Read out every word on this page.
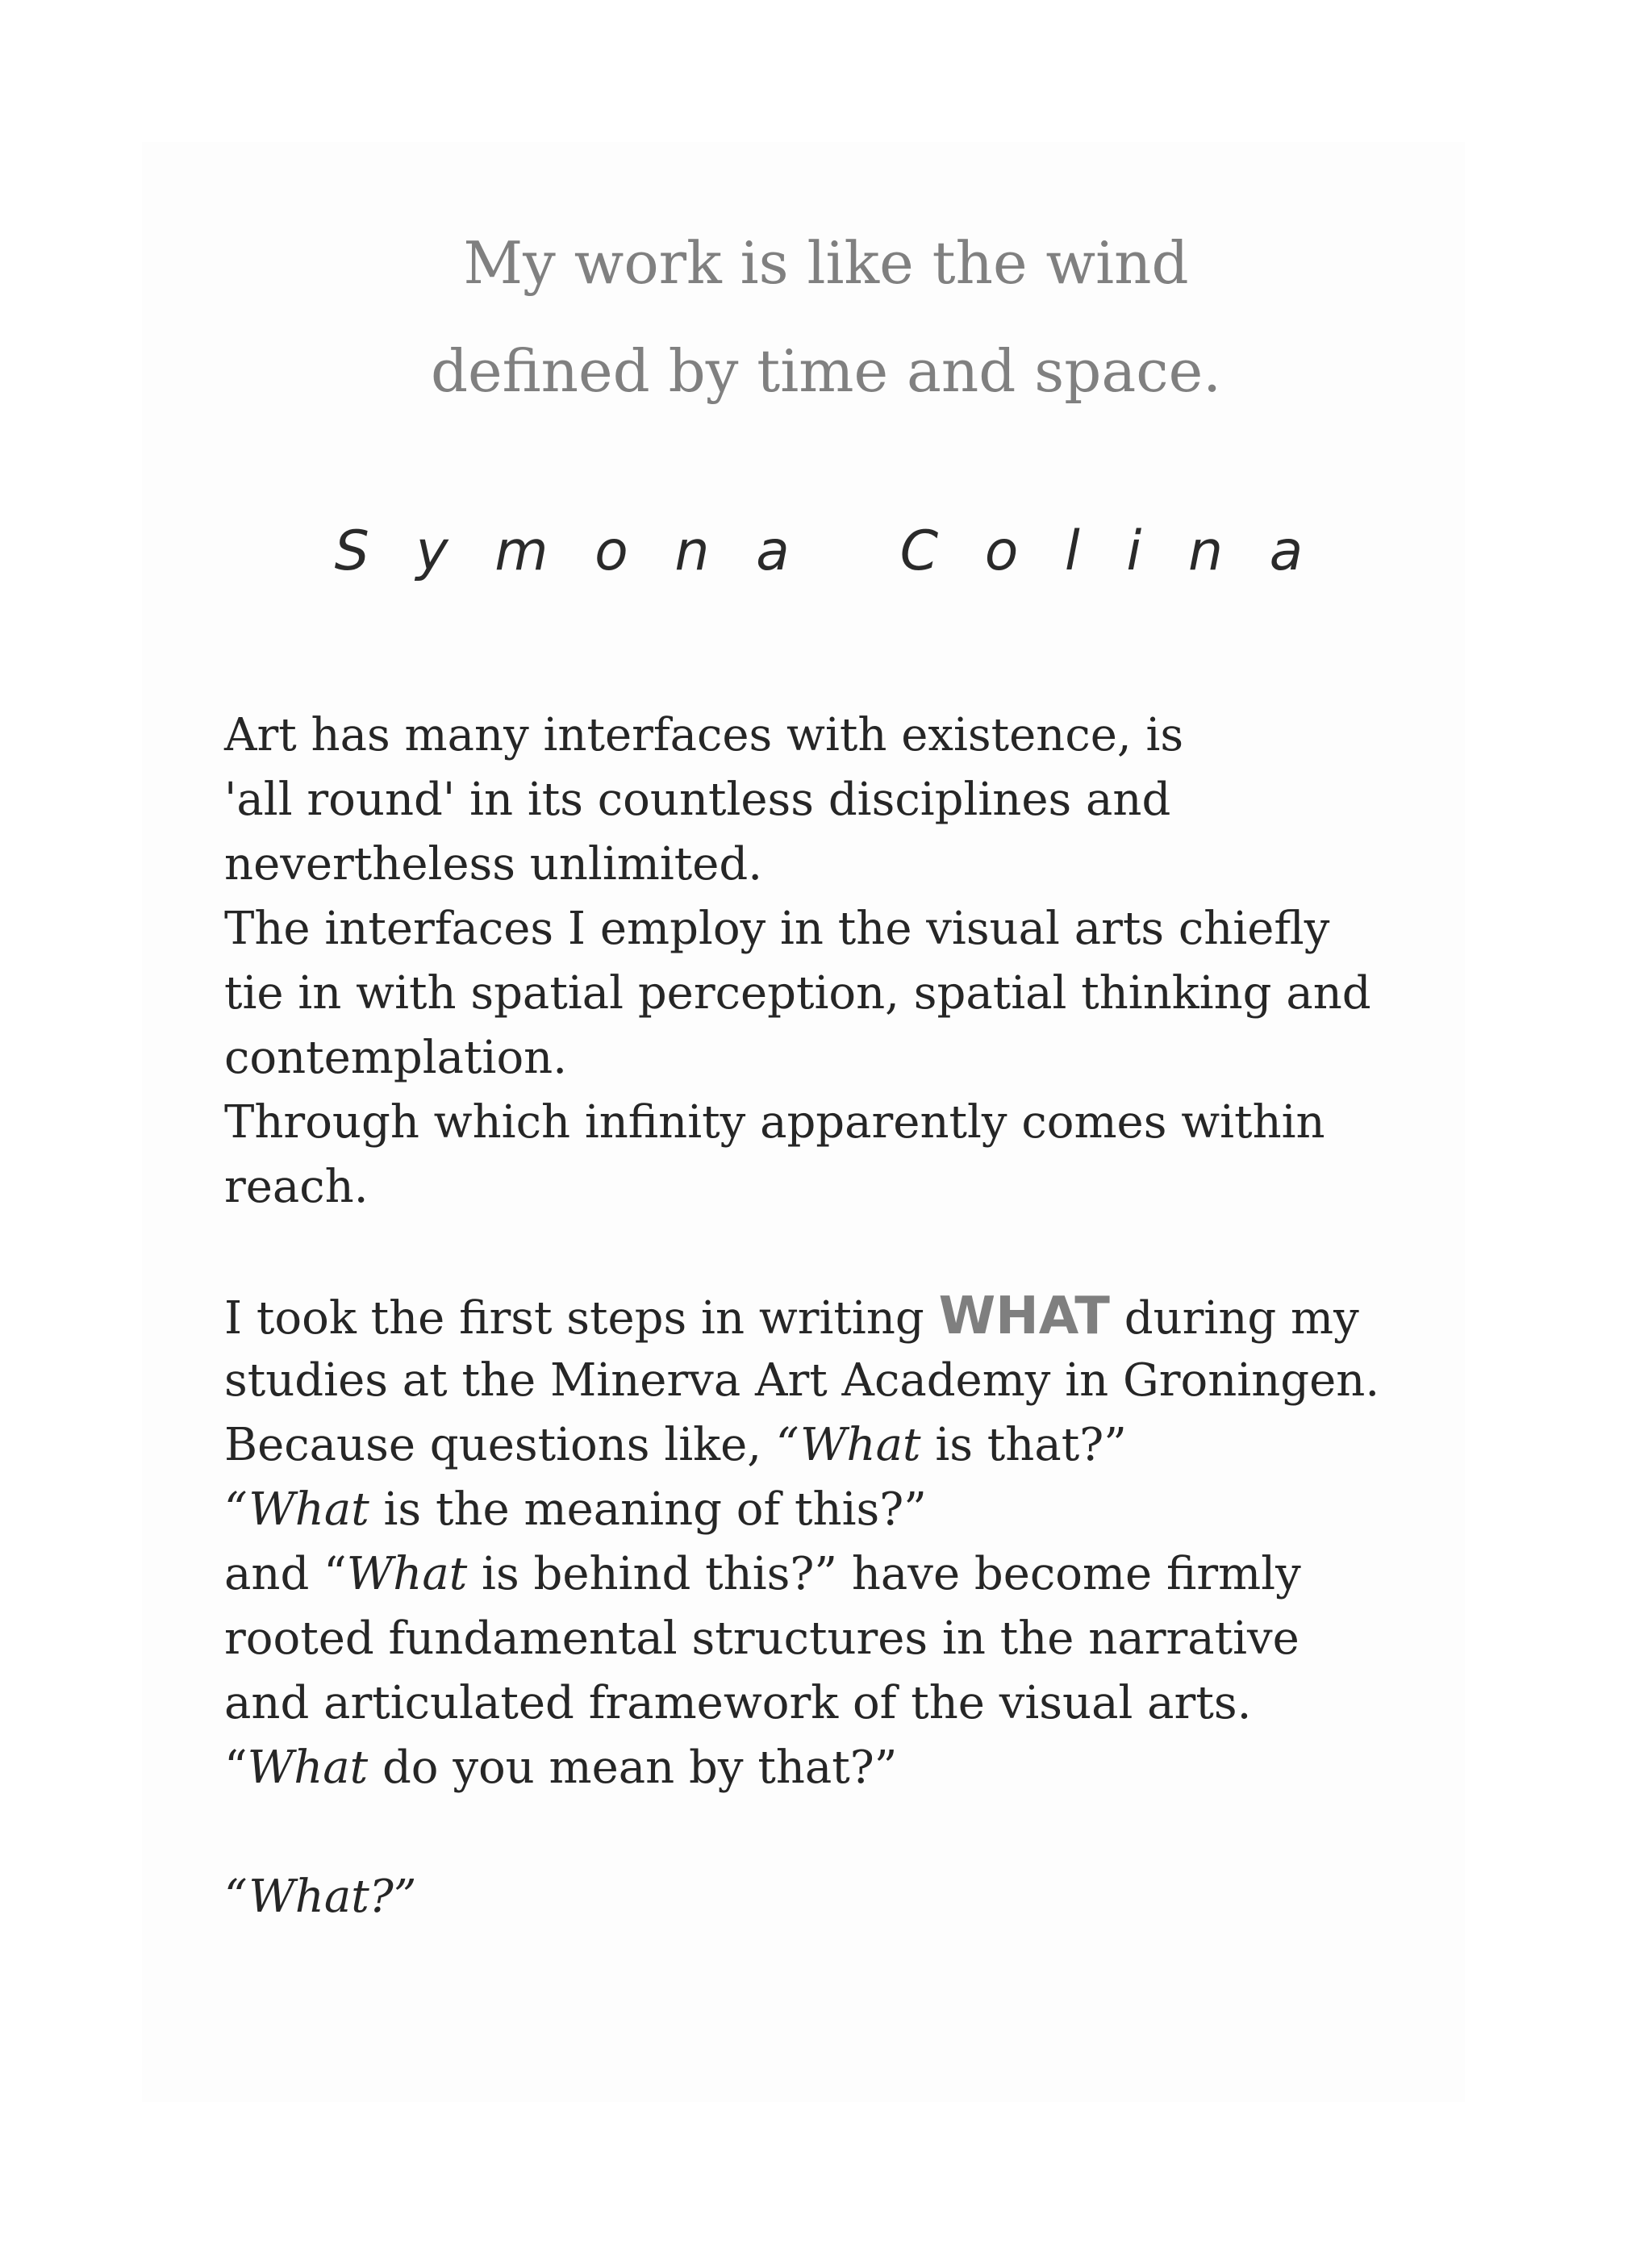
My work is like the wind

defined by time and space.

S y m o n a   C o l i n a

Art has many interfaces with existence, is
'all round' in its countless disciplines and
nevertheless unlimited.
The interfaces I employ in the visual arts chiefly
tie in with spatial perception, spatial thinking and
contemplation.
Through which infinity apparently comes within
reach.
I took the first steps in writing WHAT during my
studies at the Minerva Art Academy in Groningen.
Because questions like, “What is that?”
“What is the meaning of this?”
and “What is behind this?” have become firmly
rooted fundamental structures in the narrative
and articulated framework of the visual arts.
“What do you mean by that?”
“What?”
